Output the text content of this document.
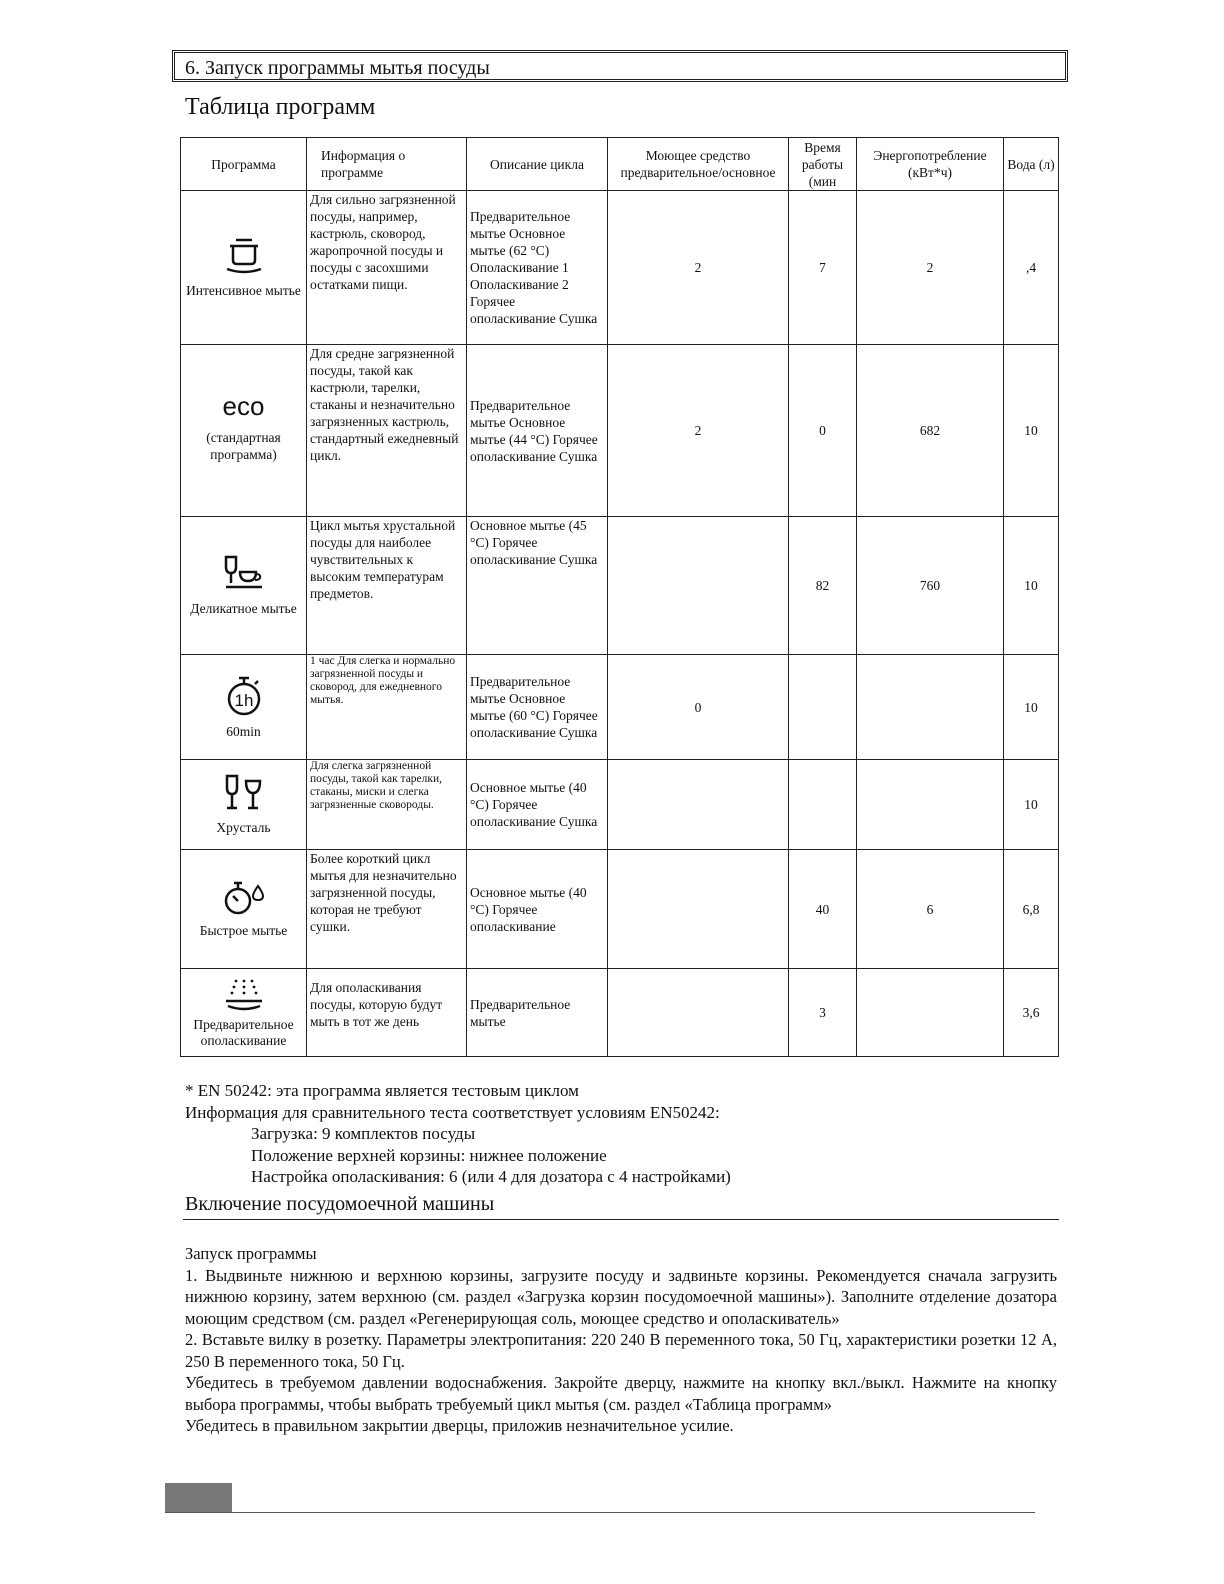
6. Запуск программы мытья посуды
Таблица программ
Программа	Информация о программе	Описание цикла	Моющее средство предварительное/основное	Время работы (мин	Энергопотребление (кВт*ч)	Вода (л)

Интенсивное мытье	Для сильно загрязненной посуды, например, кастрюль, сковород, жаропрочной посуды и посуды с засохшими остатками пищи.	Предварительное мытье Основное мытье (62 °C) Ополаскивание 1 Ополаскивание 2 Горячее ополаскивание Сушка	2	7	2	,4

eco
(стандартная программа)	Для средне загрязненной посуды, такой как кастрюли, тарелки, стаканы и незначительно загрязненных кастрюль, стандартный ежедневный цикл.	Предварительное мытье Основное мытье (44 °C) Горячее ополаскивание Сушка	2	0	682	10

Деликатное мытье	Цикл мытья хрустальной посуды для наиболее чувствительных к высоким температурам предметов.	Основное мытье (45 °C) Горячее ополаскивание Сушка		82	760	10

1h
60min	1 час Для слегка и нормально загрязненной посуды и сковород, для ежедневного мытья.	Предварительное мытье Основное мытье (60 °C) Горячее ополаскивание Сушка	0			10

Хрусталь	Для слегка загрязненной посуды, такой как тарелки, стаканы, миски и слегка загрязненные сковороды.	Основное мытье (40 °C) Горячее ополаскивание Сушка				10

Быстрое мытье	Более короткий цикл мытья для незначительно загрязненной посуды, которая не требуют сушки.	Основное мытье (40 °C) Горячее ополаскивание		40	6	6,8

Предварительное ополаскивание	Для ополаскивания посуды, которую будут мыть в тот же день	Предварительное мытье		3		3,6
* EN 50242: эта программа является тестовым циклом
Информация для сравнительного теста соответствует условиям EN50242:
Загрузка: 9 комплектов посуды
Положение верхней корзины: нижнее положение
Настройка ополаскивания: 6 (или 4 для дозатора с 4 настройками)
Включение посудомоечной машины

Запуск программы

1. Выдвиньте нижнюю и верхнюю корзины, загрузите посуду и задвиньте корзины. Рекомендуется сначала загрузить нижнюю корзину, затем верхнюю (см. раздел «Загрузка корзин посудомоечной машины»). Заполните отделение дозатора моющим средством (см. раздел «Регенерирующая соль, моющее средство и ополаскиватель»

2. Вставьте вилку в розетку. Параметры электропитания: 220 240 В переменного тока, 50 Гц, характеристики розетки 12 А, 250 В переменного тока, 50 Гц.

Убедитесь в требуемом давлении водоснабжения. Закройте дверцу, нажмите на кнопку вкл./выкл. Нажмите на кнопку выбора программы, чтобы выбрать требуемый цикл мытья (см. раздел «Таблица программ»

Убедитесь в правильном закрытии дверцы, приложив незначительное усилие.
